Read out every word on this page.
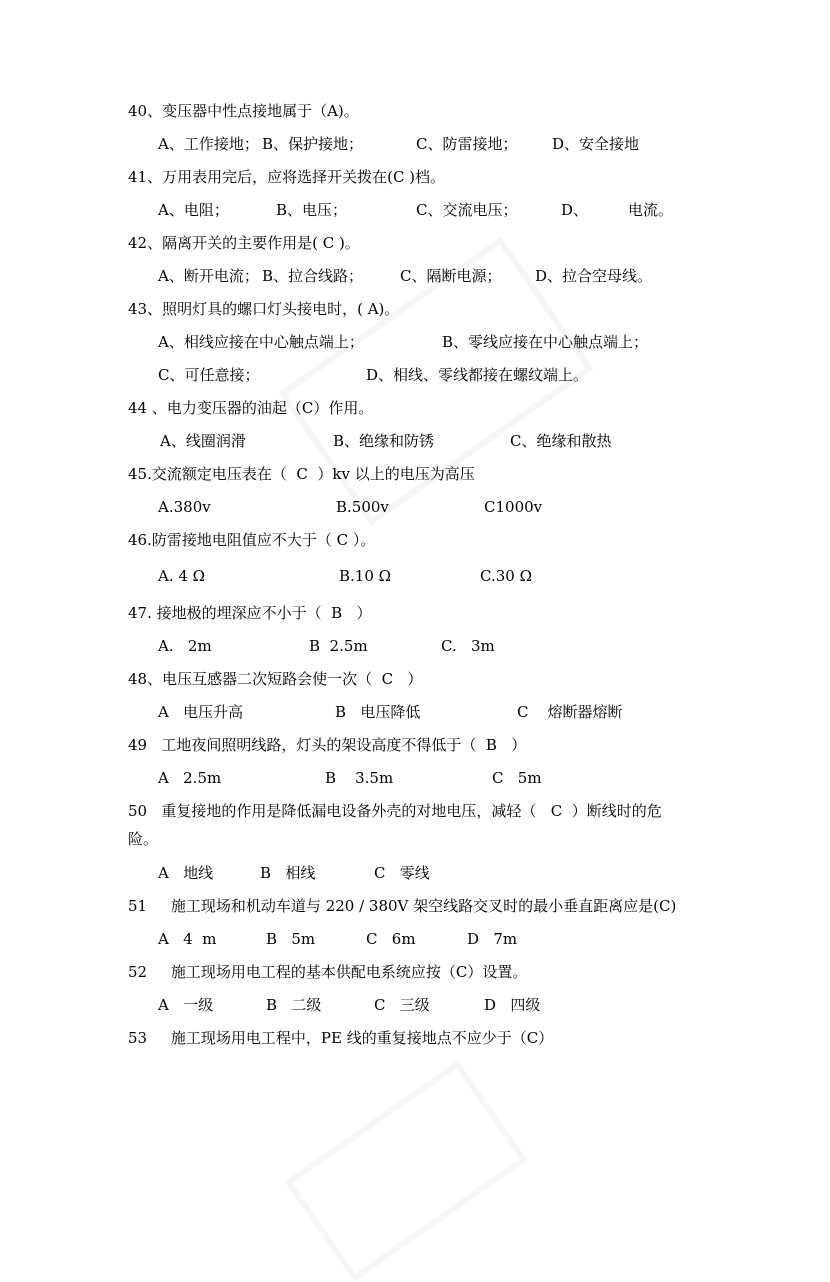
40、变压器中性点接地属于（A)。
A、工作接地； B、保护接地；	C、防雷接地； D、安全接地
41、万用表用完后，应将选择开关拨在(C )档。
A、电阻；	B、电压；	C、交流电压；	D、	电流。
42、隔离开关的主要作用是( C )。
A、断开电流； B、拉合线路； C、隔断电源； D、拉合空母线。
43、照明灯具的螺口灯头接电时，( A)。
A、相线应接在中心触点端上；	B、零线应接在中心触点端上；
C、可任意接；	D、相线、零线都接在螺纹端上。
44 、电力变压器的油起（C）作用。
A、线圈润滑	B、绝缘和防锈	C、绝缘和散热
45.交流额定电压表在（  C  ）kv 以上的电压为高压
A.380v	B.500v	C1000v
46.防雷接地电阻值应不大于（ C ）。
A. 4 Ω	B.10 Ω	C.30 Ω
47. 接地极的埋深应不小于（  B   ）
A.   2m	B  2.5m	C.   3m
48、电压互感器二次短路会使一次（  C   ）
A   电压升高	B   电压降低	C    熔断器熔断
49   工地夜间照明线路，灯头的架设高度不得低于（  B   ）
A   2.5m	B    3.5m	C   5m
50   重复接地的作用是降低漏电设备外壳的对地电压，减轻（   C  ）断线时的危
险。
A   地线	B   相线	C   零线
51     施工现场和机动车道与 220 / 380V 架空线路交叉时的最小垂直距离应是(C)
A   4  m	B   5m	C   6m	D   7m
52     施工现场用电工程的基本供配电系统应按（C）设置。
A   一级	B   二级	C   三级	D   四级
53     施工现场用电工程中，PE 线的重复接地点不应少于（C）
